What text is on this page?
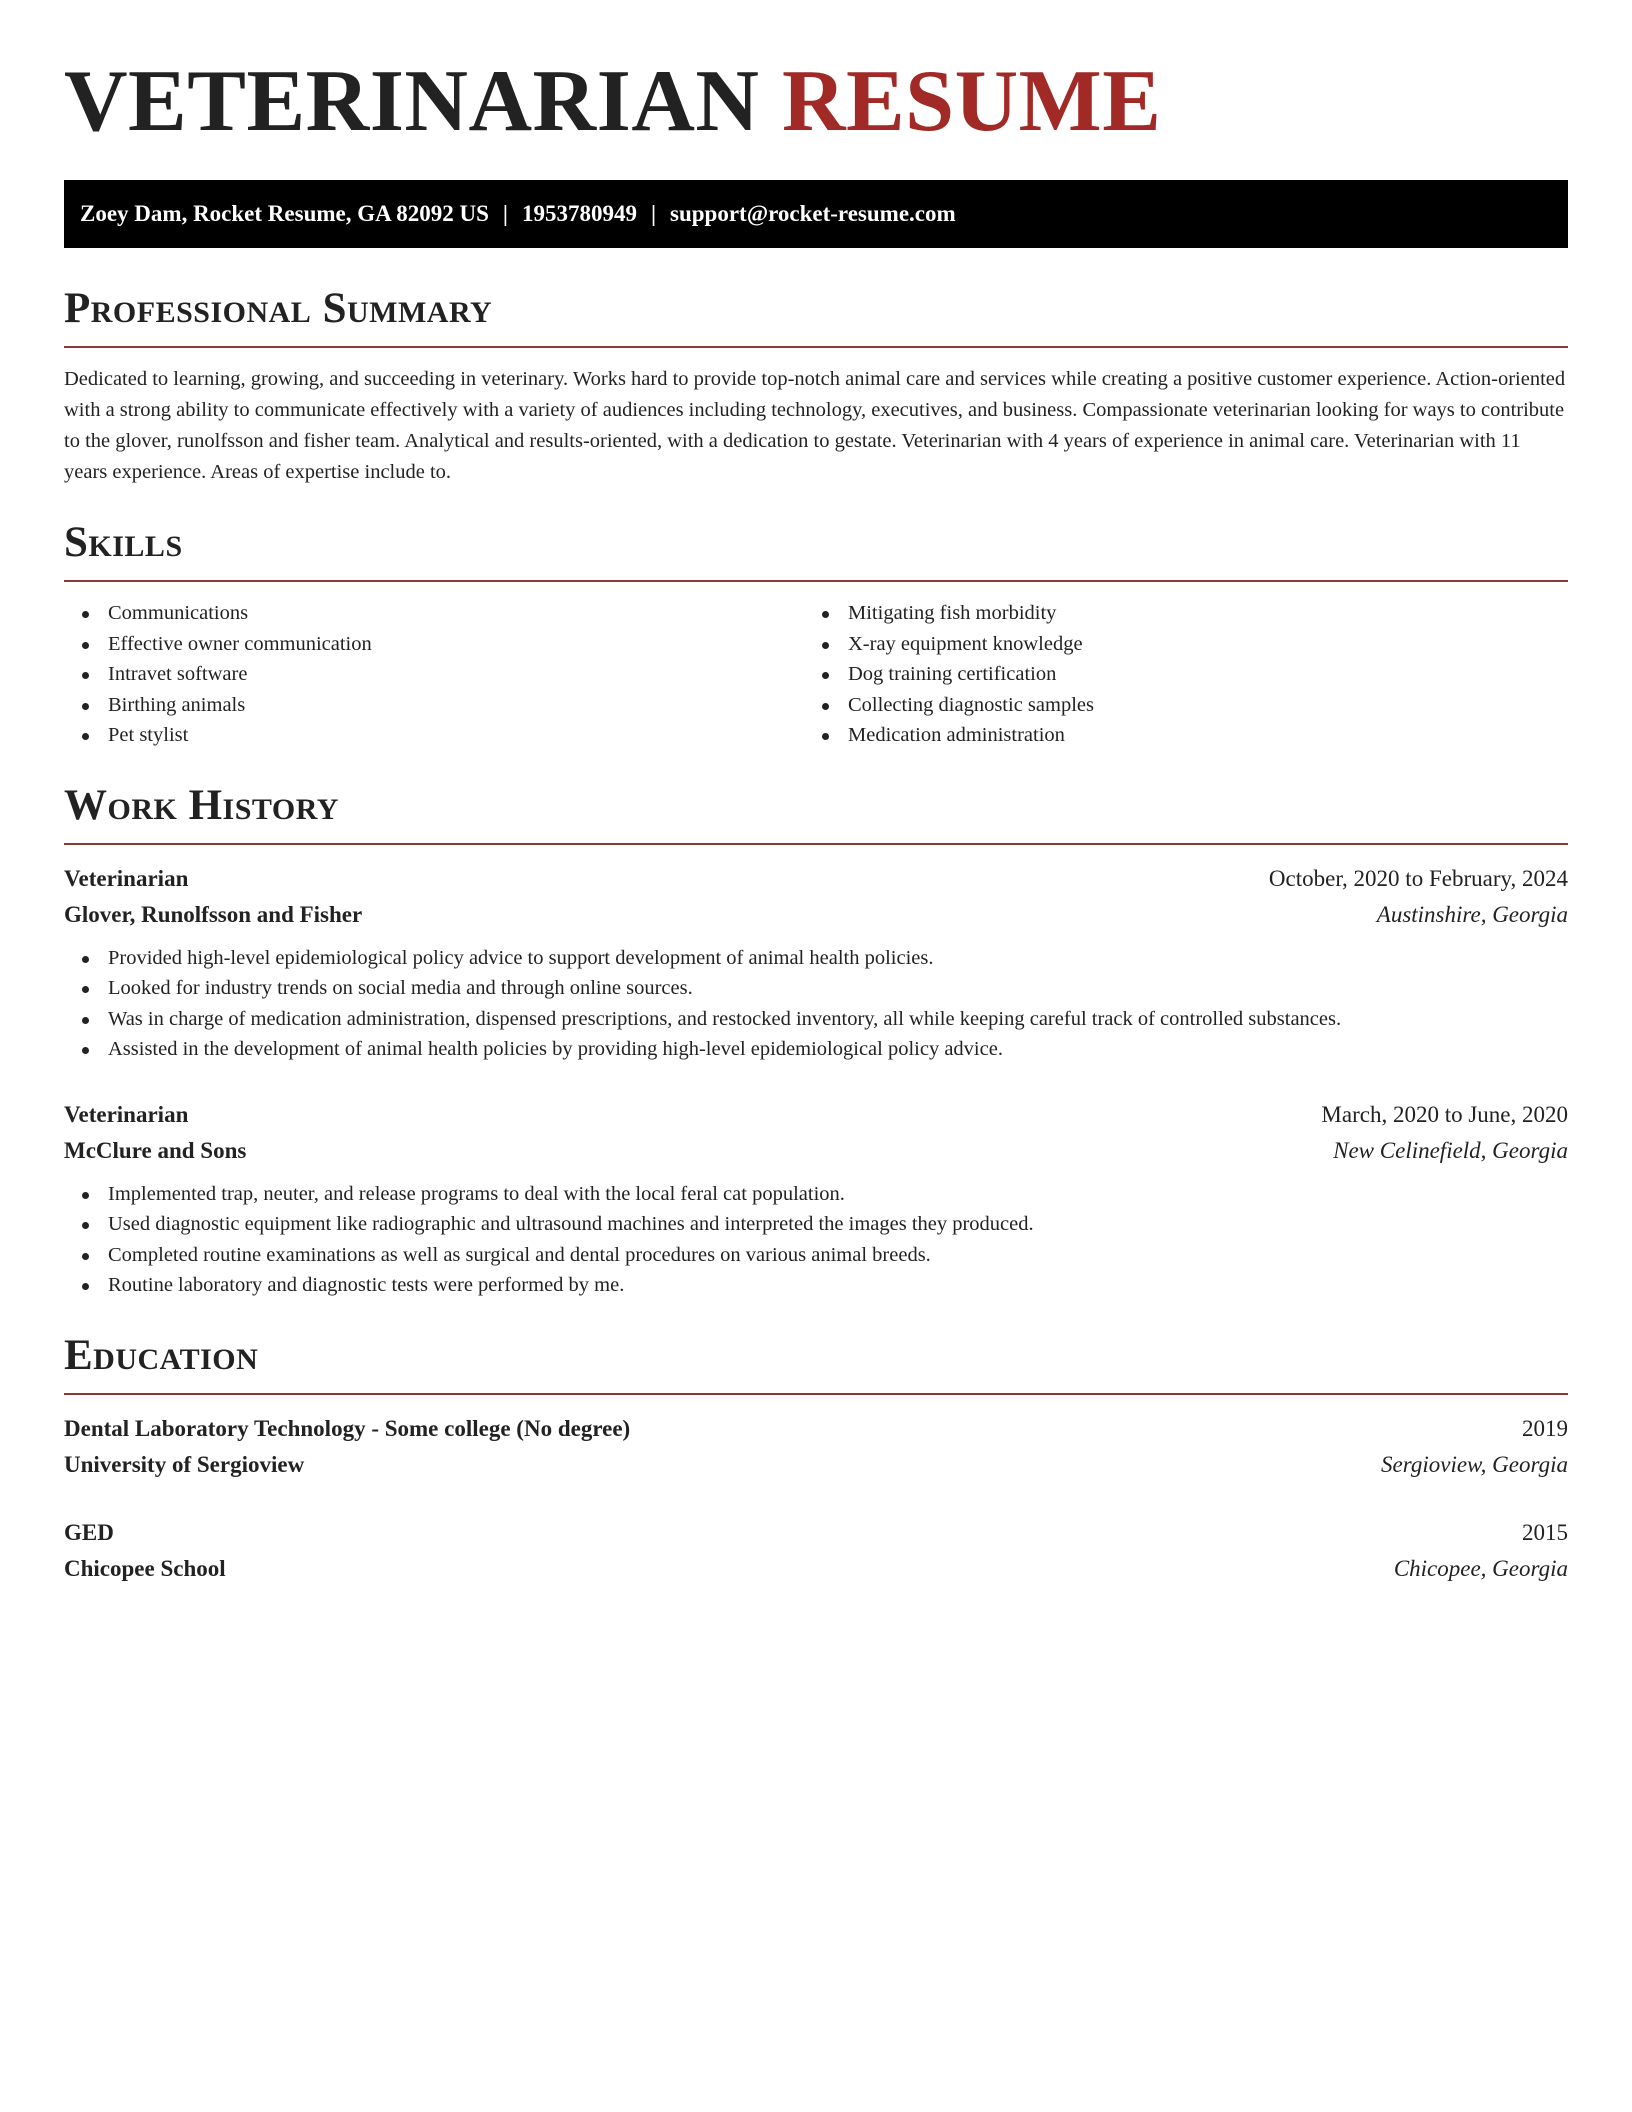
VETERINARIAN RESUME
Zoey Dam, Rocket Resume, GA 82092 US | 1953780949 | support@rocket-resume.com
Professional Summary

Dedicated to learning, growing, and succeeding in veterinary. Works hard to provide top-notch animal care and services while creating a positive customer experience. Action-oriented with a strong ability to communicate effectively with a variety of audiences including technology, executives, and business. Compassionate veterinarian looking for ways to contribute to the glover, runolfsson and fisher team. Analytical and results-oriented, with a dedication to gestate. Veterinarian with 4 years of experience in animal care. Veterinarian with 11 years experience. Areas of expertise include to.

Skills
Communications
Effective owner communication
Intravet software
Birthing animals
Pet stylist
Mitigating fish morbidity
X-ray equipment knowledge
Dog training certification
Collecting diagnostic samples
Medication administration
Work History
Veterinarian	October, 2020 to February, 2024
Glover, Runolfsson and Fisher	Austinshire, Georgia
Provided high-level epidemiological policy advice to support development of animal health policies.
Looked for industry trends on social media and through online sources.
Was in charge of medication administration, dispensed prescriptions, and restocked inventory, all while keeping careful track of controlled substances.
Assisted in the development of animal health policies by providing high-level epidemiological policy advice.
Veterinarian	March, 2020 to June, 2020
McClure and Sons	New Celinefield, Georgia
Implemented trap, neuter, and release programs to deal with the local feral cat population.
Used diagnostic equipment like radiographic and ultrasound machines and interpreted the images they produced.
Completed routine examinations as well as surgical and dental procedures on various animal breeds.
Routine laboratory and diagnostic tests were performed by me.
Education
Dental Laboratory Technology - Some college (No degree)	2019
University of Sergioview	Sergioview, Georgia
GED	2015
Chicopee School	Chicopee, Georgia
